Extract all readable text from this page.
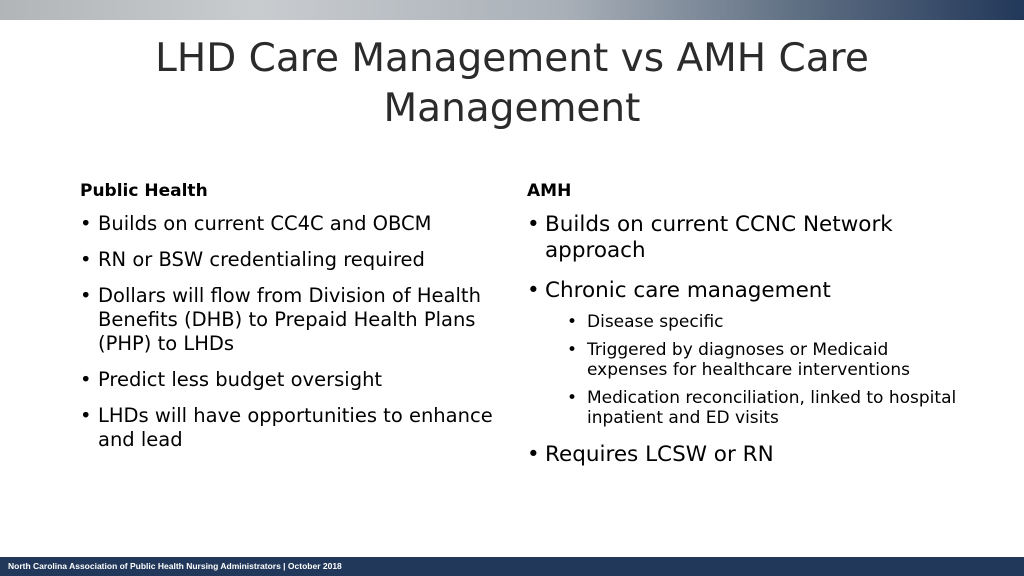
LHD Care Management vs AMH Care Management
Public Health
• Builds on current CC4C and OBCM
• RN or BSW credentialing required
• Dollars will flow from Division of Health Benefits (DHB) to Prepaid Health Plans (PHP) to LHDs
• Predict less budget oversight
• LHDs will have opportunities to enhance and lead
AMH
• Builds on current CCNC Network approach
• Chronic care management
• Disease specific
• Triggered by diagnoses or Medicaid expenses for healthcare interventions
• Medication reconciliation, linked to hospital inpatient and ED visits
• Requires LCSW or RN
North Carolina Association of Public Health Nursing Administrators | October 2018
